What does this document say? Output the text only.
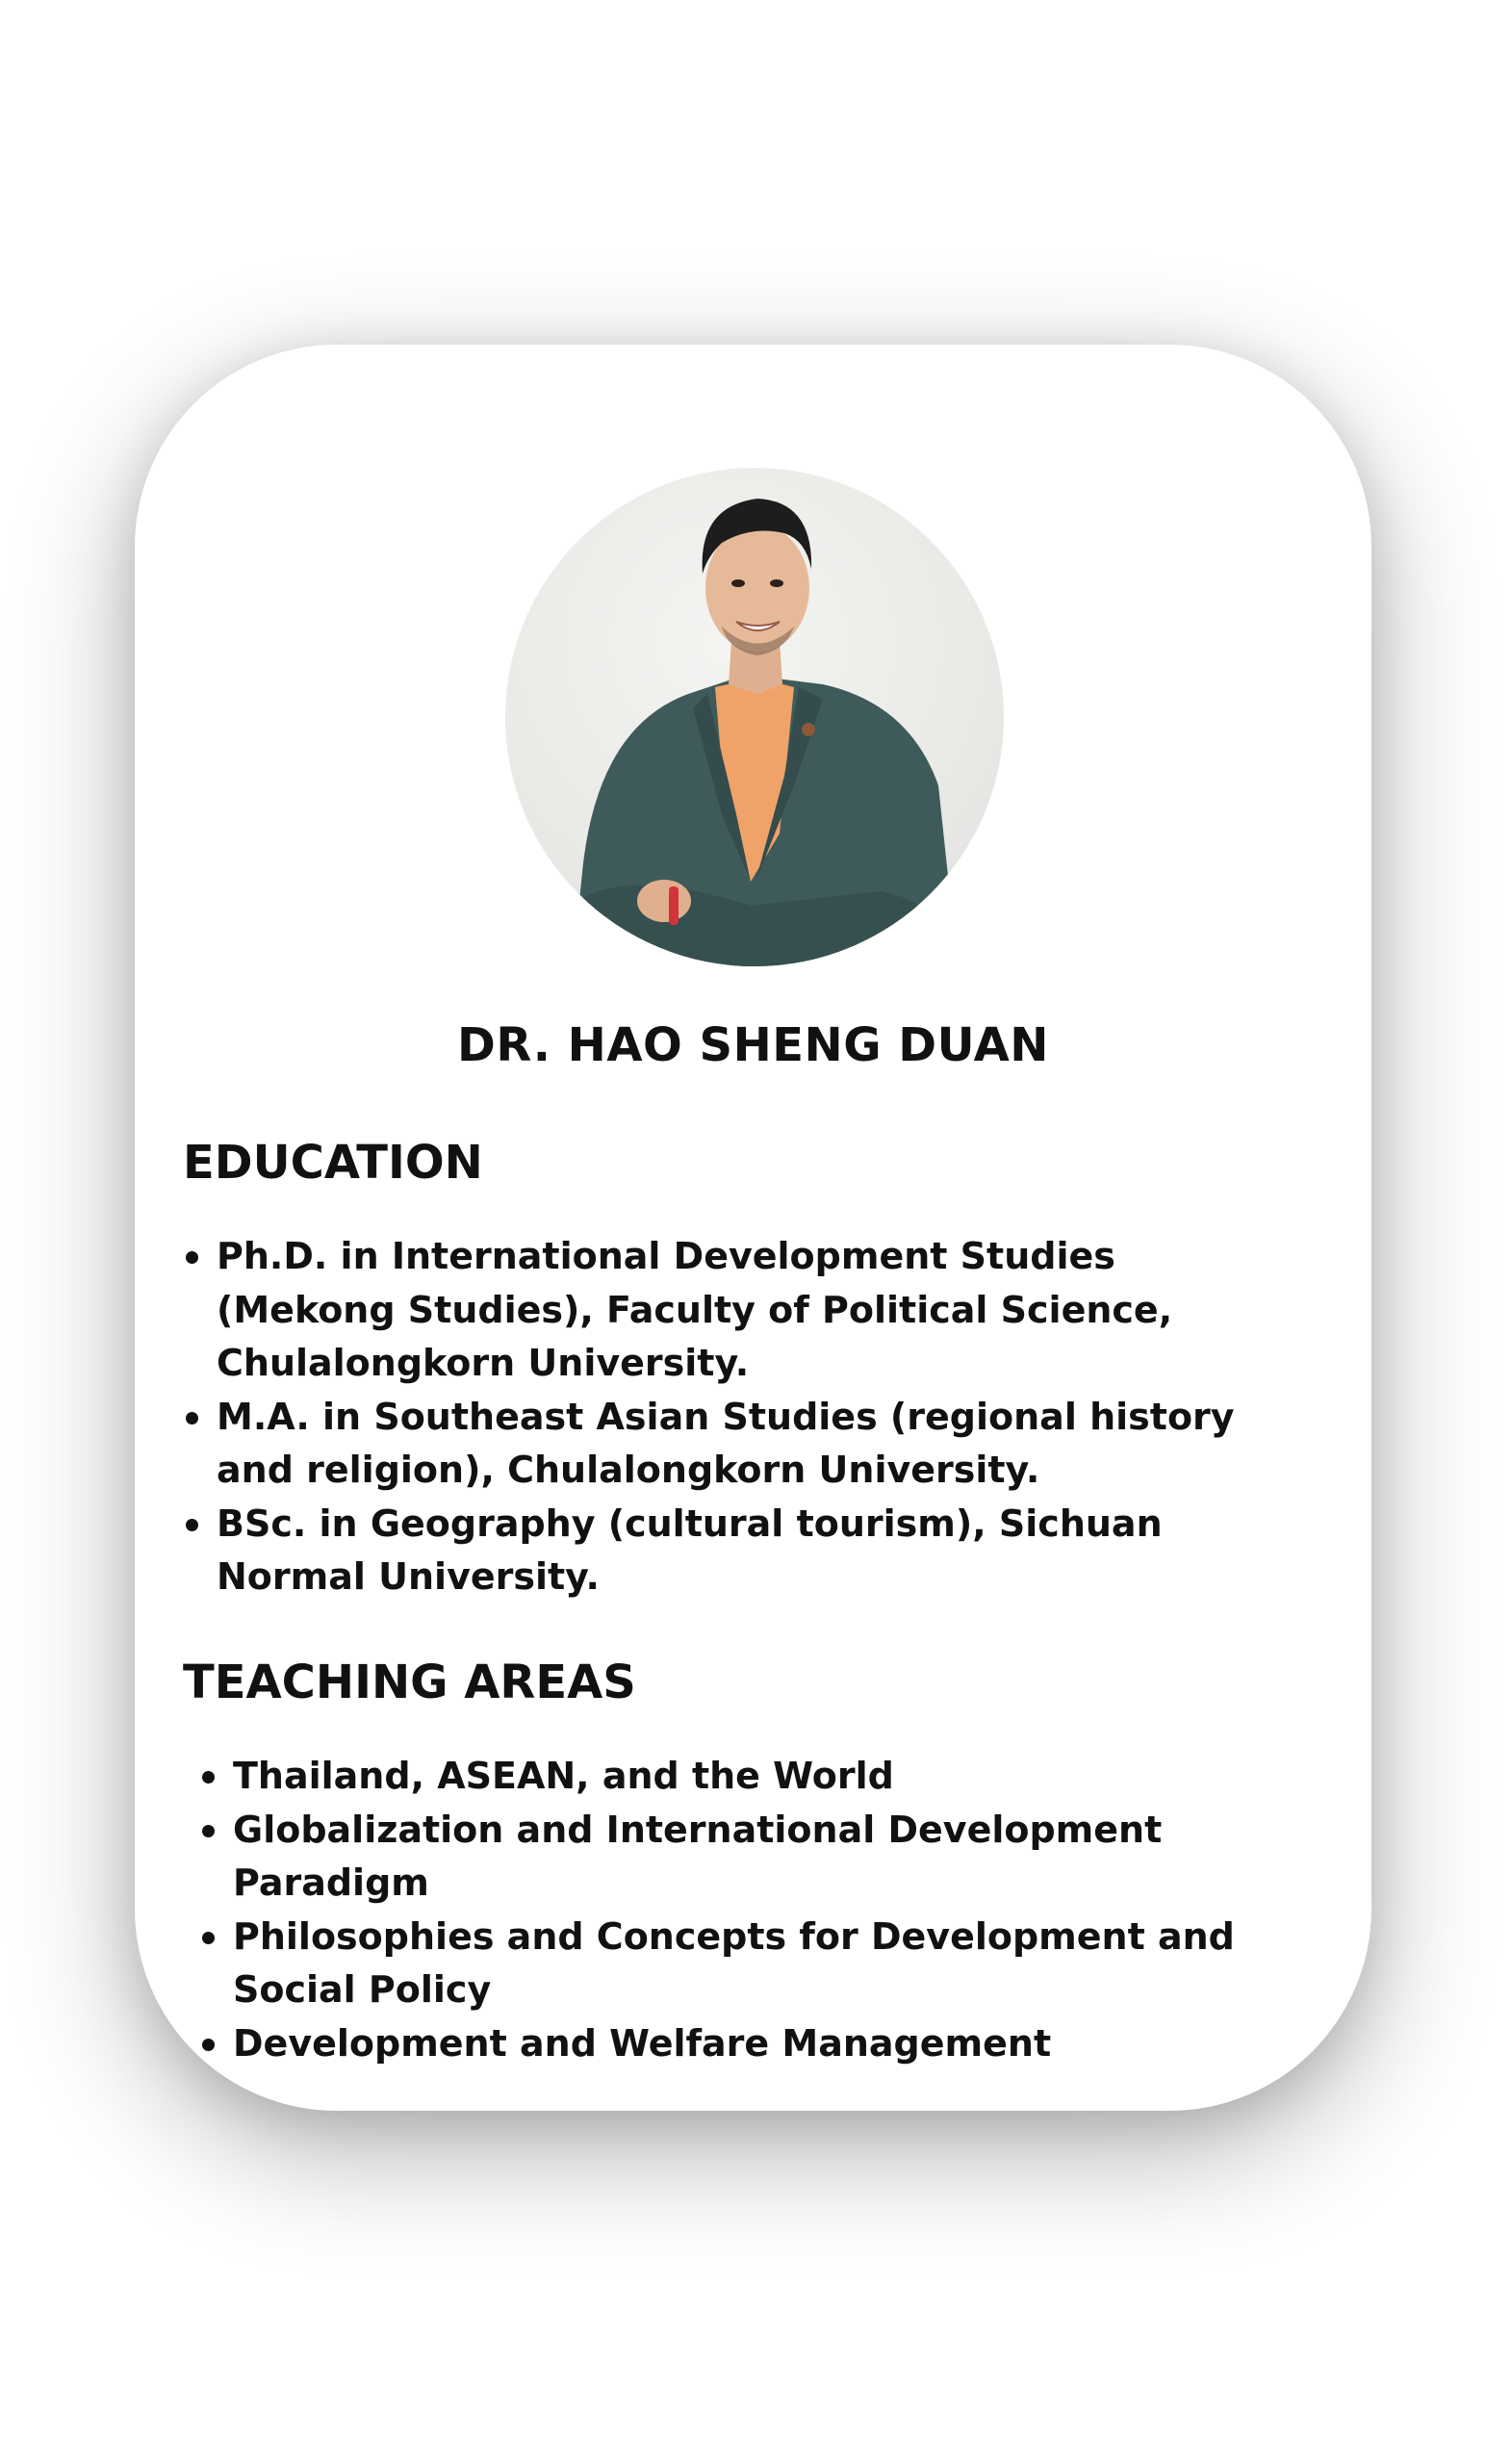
DR. HAO SHENG DUAN
EDUCATION
Ph.D. in International Development Studies (Mekong Studies), Faculty of Political Science, Chulalongkorn University.
M.A. in Southeast Asian Studies (regional history and religion), Chulalongkorn University.
BSc. in Geography (cultural tourism), Sichuan Normal University.
TEACHING AREAS
Thailand, ASEAN, and the World
Globalization and International Development Paradigm
Philosophies and Concepts for Development and Social Policy
Development and Welfare Management
